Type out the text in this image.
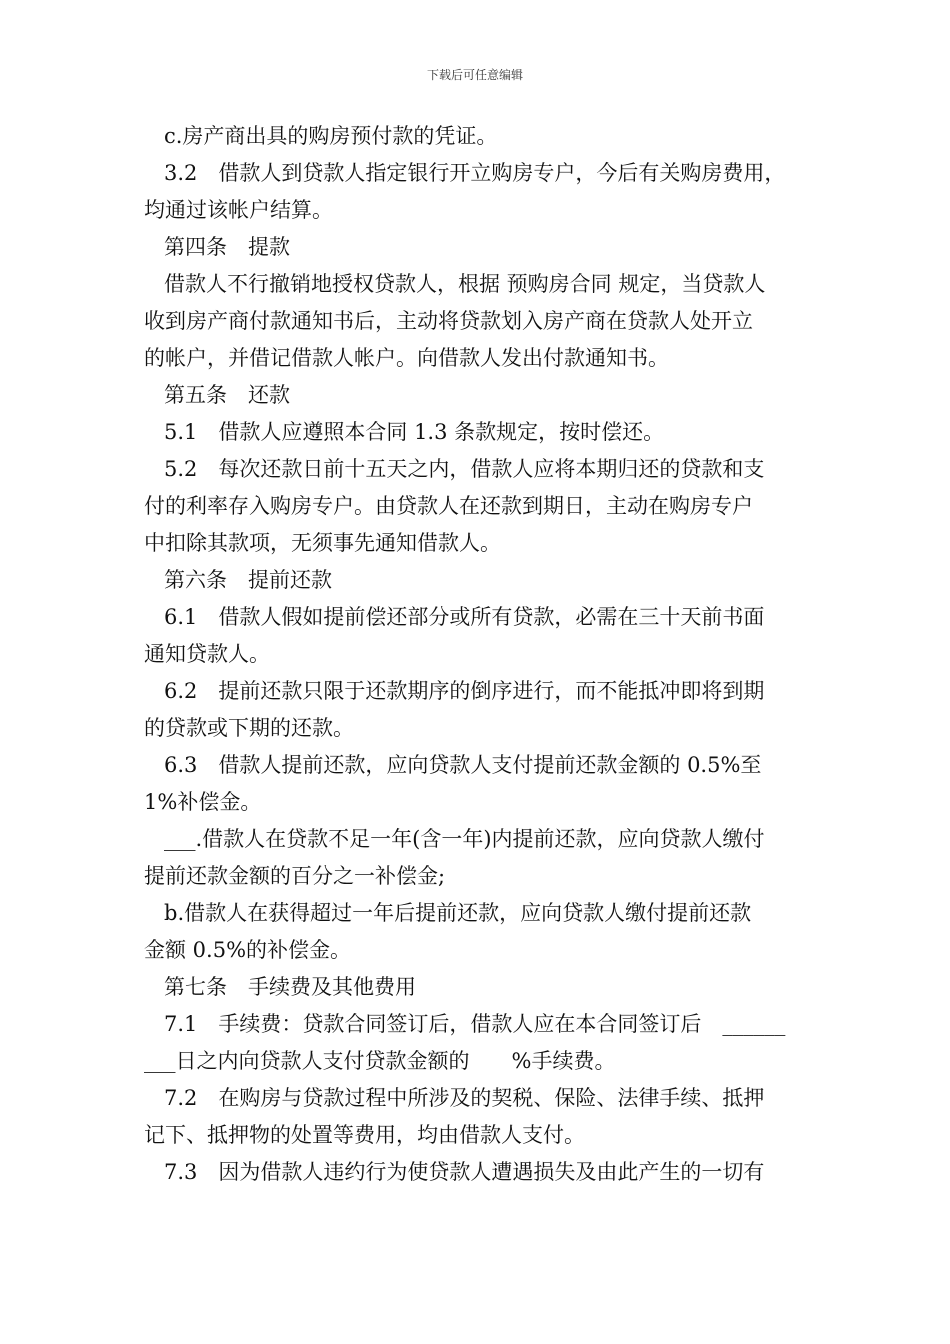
下载后可任意编辑
c.房产商出具的购房预付款的凭证。
3.2　借款人到贷款人指定银行开立购房专户，今后有关购房费用，
均通过该帐户结算。
第四条　提款
借款人不行撤销地授权贷款人，根据 预购房合同 规定，当贷款人
收到房产商付款通知书后，主动将贷款划入房产商在贷款人处开立
的帐户，并借记借款人帐户。向借款人发出付款通知书。
第五条　还款
5.1　借款人应遵照本合同 1.3 条款规定，按时偿还。
5.2　每次还款日前十五天之内，借款人应将本期归还的贷款和支
付的利率存入购房专户。由贷款人在还款到期日，主动在购房专户
中扣除其款项，无须事先通知借款人。
第六条　提前还款
6.1　借款人假如提前偿还部分或所有贷款，必需在三十天前书面
通知贷款人。
6.2　提前还款只限于还款期序的倒序进行，而不能抵冲即将到期
的贷款或下期的还款。
6.3　借款人提前还款，应向贷款人支付提前还款金额的 0.5%至
1%补偿金。
___.借款人在贷款不足一年(含一年)内提前还款，应向贷款人缴付
提前还款金额的百分之一补偿金;
b.借款人在获得超过一年后提前还款，应向贷款人缴付提前还款
金额 0.5%的补偿金。
第七条　手续费及其他费用
7.1　手续费：贷款合同签订后，借款人应在本合同签订后　______
___日之内向贷款人支付贷款金额的　　%手续费。
7.2　在购房与贷款过程中所涉及的契税、保险、法律手续、抵押
记下、抵押物的处置等费用，均由借款人支付。
7.3　因为借款人违约行为使贷款人遭遇损失及由此产生的一切有
